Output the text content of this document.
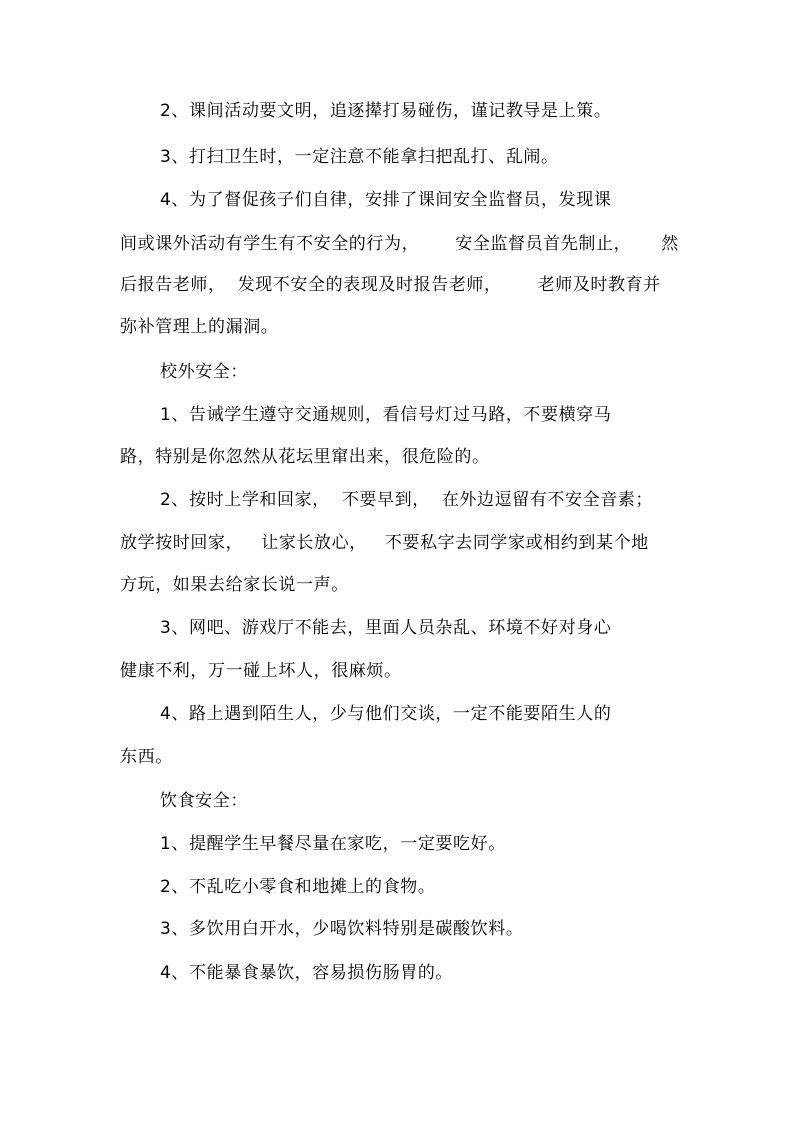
2、课间活动要文明，追逐撵打易碰伤，谨记教导是上策。
3、打扫卫生时，一定注意不能拿扫把乱打、乱闹。
4、为了督促孩子们自律，安排了课间安全监督员，发现课
间或课外活动有学生有不安全的行为，      安全监督员首先制止，     然
后报告老师，  发现不安全的表现及时报告老师，      老师及时教育并
弥补管理上的漏洞。
校外安全：
1、告诫学生遵守交通规则，看信号灯过马路，不要横穿马
路，特别是你忽然从花坛里窜出来，很危险的。
2、按时上学和回家，  不要早到，  在外边逗留有不安全音素；
放学按时回家，   让家长放心，   不要私字去同学家或相约到某个地
方玩，如果去给家长说一声。
3、网吧、游戏厅不能去，里面人员杂乱、环境不好对身心
健康不利，万一碰上坏人，很麻烦。
4、路上遇到陌生人，少与他们交谈，一定不能要陌生人的
东西。
饮食安全：
1、提醒学生早餐尽量在家吃，一定要吃好。
2、不乱吃小零食和地摊上的食物。
3、多饮用白开水，少喝饮料特别是碳酸饮料。
4、不能暴食暴饮，容易损伤肠胃的。
